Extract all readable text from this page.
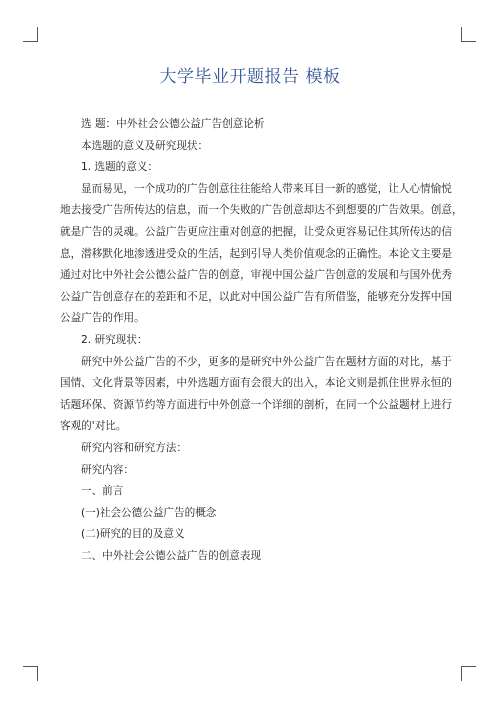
大学毕业开题报告 模板
选 题：中外社会公德公益广告创意论析
本选题的意义及研究现状：
1. 选题的意义：
显而易见，一个成功的广告创意往往能给人带来耳目一新的感觉，让人心情愉悦
地去接受广告所传达的信息，而一个失败的广告创意却达不到想要的广告效果。创意，
就是广告的灵魂。公益广告更应注重对创意的把握，让受众更容易记住其所传达的信
息，潜移默化地渗透进受众的生活，起到引导人类价值观念的正确性。本论文主要是
通过对比中外社会公德公益广告的创意，审视中国公益广告创意的发展和与国外优秀
公益广告创意存在的差距和不足，以此对中国公益广告有所借鉴，能够充分发挥中国
公益广告的作用。
2. 研究现状：
研究中外公益广告的不少，更多的是研究中外公益广告在题材方面的对比，基于
国情、文化背景等因素，中外选题方面有会很大的出入，本论文则是抓住世界永恒的
话题环保、资源节约等方面进行中外创意一个详细的剖析，在同一个公益题材上进行
客观的'对比。
研究内容和研究方法：
研究内容：
一、前言
(一)社会公德公益广告的概念
(二)研究的目的及意义
二、中外社会公德公益广告的创意表现
